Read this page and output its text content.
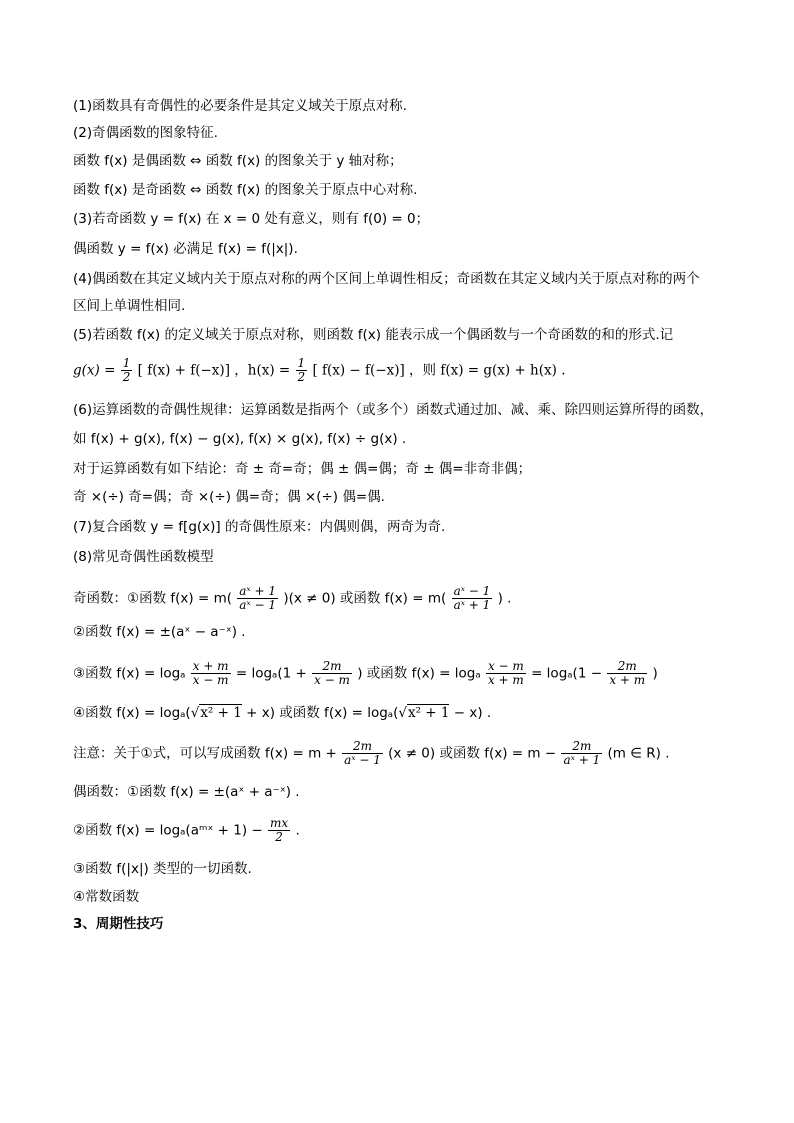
(1)函数具有奇偶性的必要条件是其定义域关于原点对称.
(2)奇偶函数的图象特征.
函数 f(x) 是偶函数 ⇔ 函数 f(x) 的图象关于 y 轴对称；
函数 f(x) 是奇函数 ⇔ 函数 f(x) 的图象关于原点中心对称.
(3)若奇函数 y = f(x) 在 x = 0 处有意义，则有 f(0) = 0；
偶函数 y = f(x) 必满足 f(x) = f(|x|).
(4)偶函数在其定义域内关于原点对称的两个区间上单调性相反；奇函数在其定义域内关于原点对称的两个
区间上单调性相同.
(5)若函数 f(x) 的定义域关于原点对称，则函数 f(x) 能表示成一个偶函数与一个奇函数的和的形式.记
$g(x) = \frac{1}{2}$ [ f(x) + f(−x)] ，$h(x) = \frac{1}{2}$ [ f(x) − f(−x)] ，则 f(x) = g(x) + h(x) .
(6)运算函数的奇偶性规律：运算函数是指两个（或多个）函数式通过加、减、乘、除四则运算所得的函数，
如 f(x) + g(x), f(x) − g(x), f(x) × g(x), f(x) ÷ g(x) .
对于运算函数有如下结论：奇 ± 奇=奇；偶 ± 偶=偶；奇 ± 偶=非奇非偶；
奇 ×(÷) 奇=偶；奇 ×(÷) 偶=奇；偶 ×(÷) 偶=偶.
(7)复合函数 y = f[g(x)] 的奇偶性原来：内偶则偶，两奇为奇.
(8)常见奇偶性函数模型
奇函数：①函数 $f(x) = m( \frac{\text{aˣ + 1}}{\text{aˣ − 1}} )(x \ne 0)$ 或函数 $f(x) = m( \frac{\text{aˣ − 1}}{\text{aˣ + 1}}$ ) .
②函数 f(x) = ±(aˣ − a⁻ˣ) .
③函数 f(x) = logₐ $\frac{x + m}{x - m} = \log_a(1 + \frac{2m}{x - m}$ ) 或函数 f(x) = logₐ $\frac{x - m}{x + m} = \log_a(1 - \frac{2m}{x + m}$ )
④函数 f(x) = logₐ(√x² + 1 + x) 或函数 f(x) = logₐ(√x² + 1 − x) .
注意：关于①式，可以写成函数 $f(x) = m + \frac{2m}{\text{aˣ − 1}} (x \ne 0)$ 或函数 $f(x) = m - \frac{2m}{\text{aˣ + 1}} (m$ ∈ R) .
偶函数：①函数 f(x) = ±(aˣ + a⁻ˣ) .
②函数 f(x) = logₐ(aᵐˣ + $1) - \frac{mx}{2}$ .
③函数 f(|x|) 类型的一切函数.
④常数函数
3、周期性技巧
